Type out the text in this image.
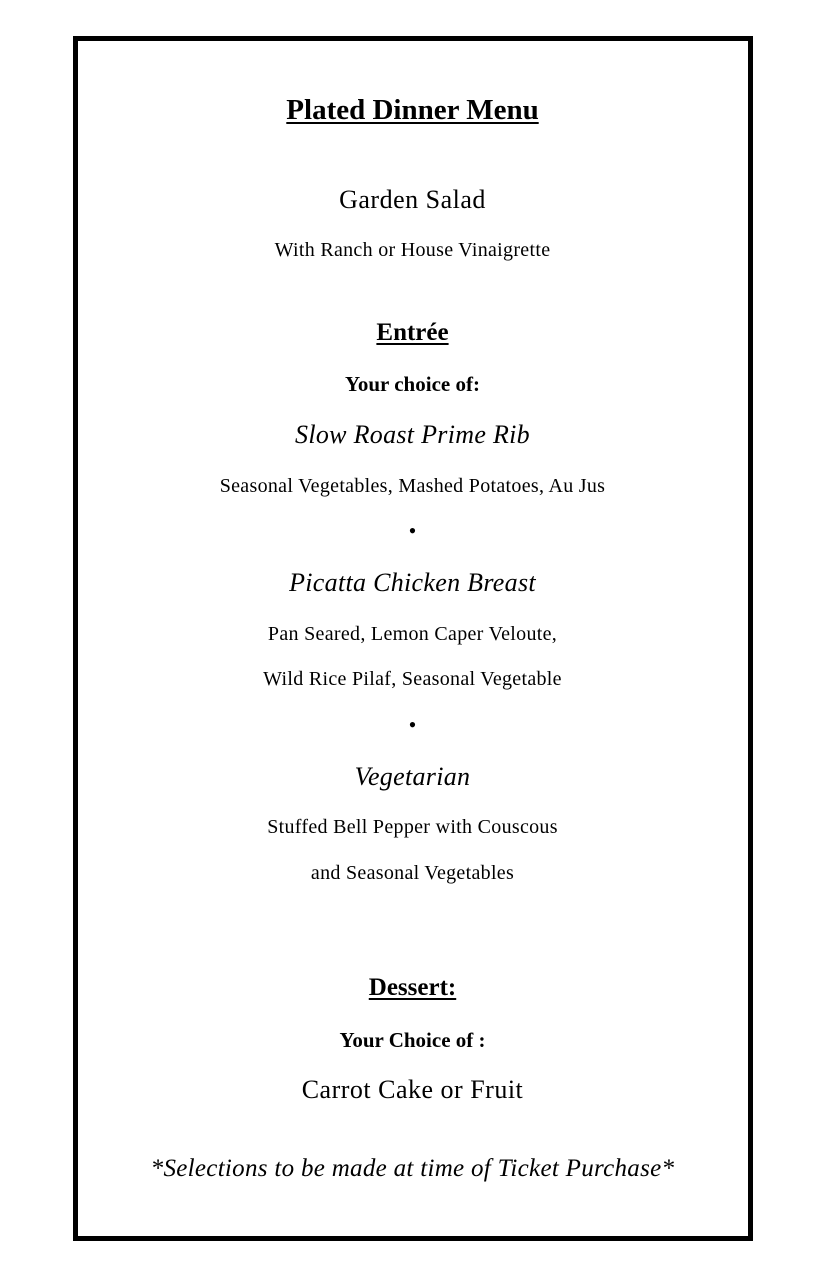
Plated Dinner Menu
Garden Salad
With Ranch or House Vinaigrette
Entrée
Your choice of:
Slow Roast Prime Rib
Seasonal Vegetables, Mashed Potatoes, Au Jus
•
Picatta Chicken Breast
Pan Seared, Lemon Caper Veloute,
Wild Rice Pilaf, Seasonal Vegetable
•
Vegetarian
Stuffed Bell Pepper with Couscous
and Seasonal Vegetables
Dessert:
Your Choice of :
Carrot Cake or Fruit
*Selections to be made at time of Ticket Purchase*
